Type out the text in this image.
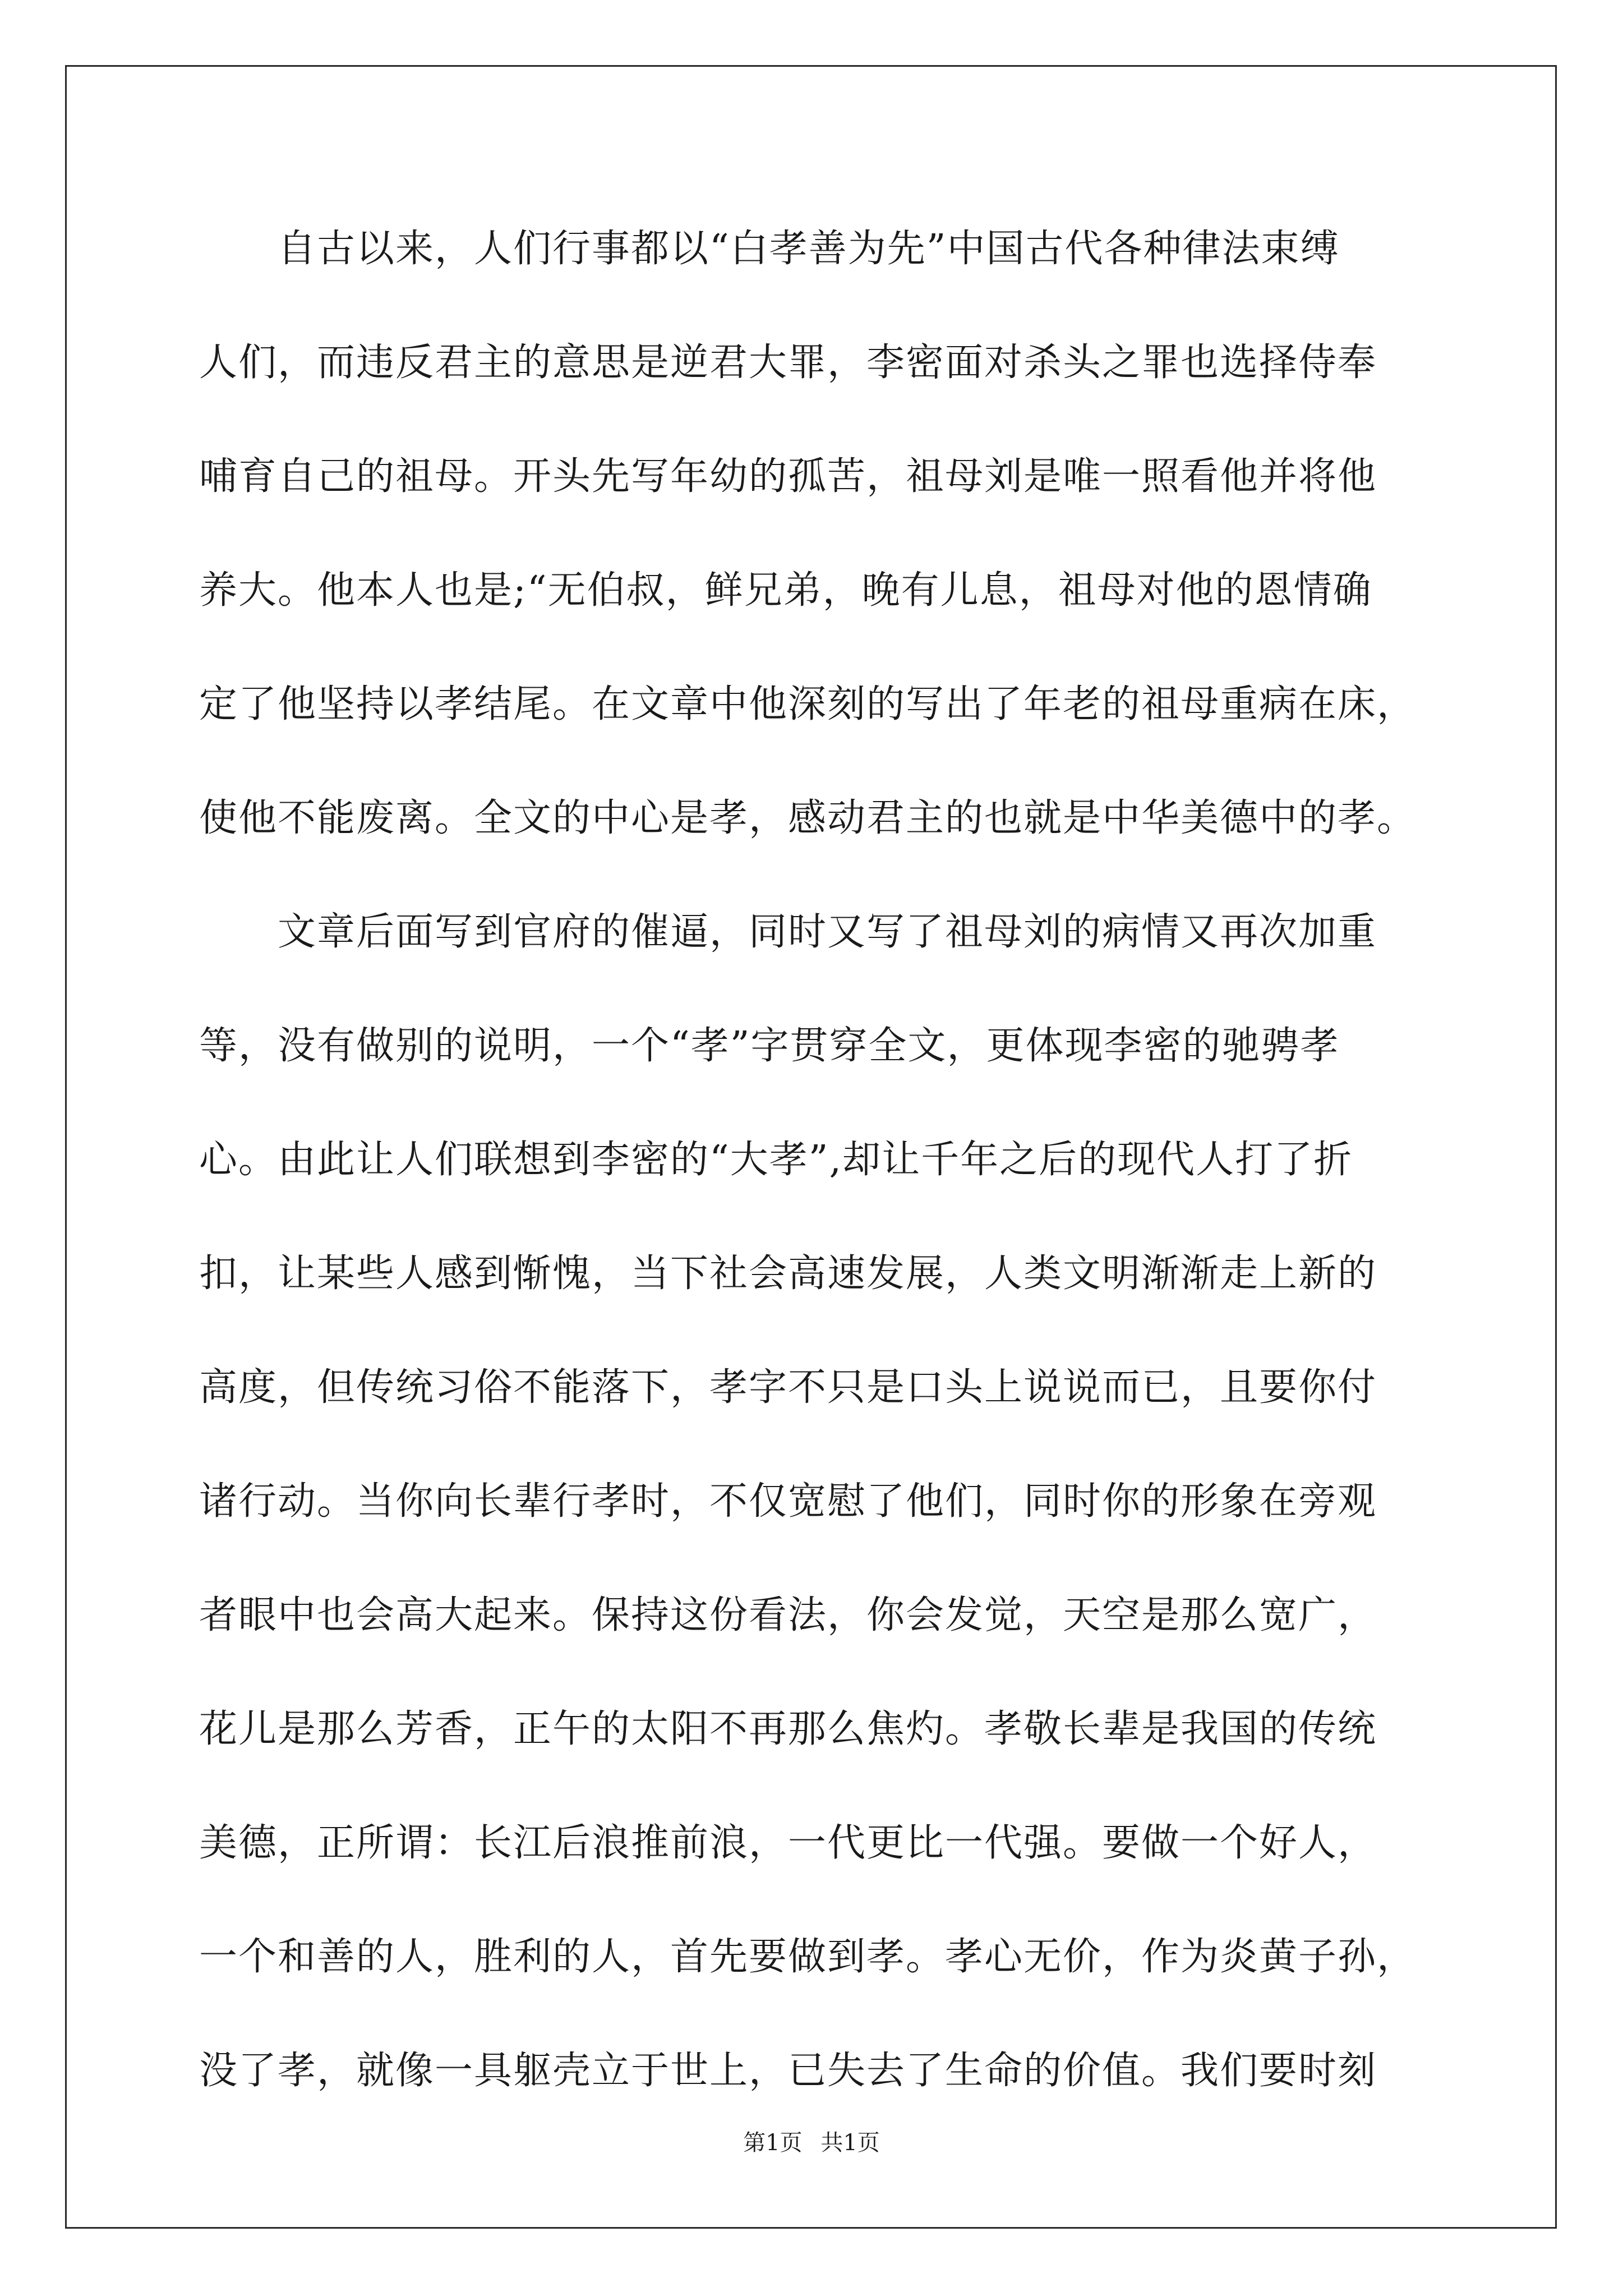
　　自古以来，人们行事都以“白孝善为先”中国古代各种律法束缚
人们，而违反君主的意思是逆君大罪，李密面对杀头之罪也选择侍奉
哺育自己的祖母。开头先写年幼的孤苦，祖母刘是唯一照看他并将他
养大。他本人也是;“无伯叔，鲜兄弟，晚有儿息，祖母对他的恩情确
定了他坚持以孝结尾。在文章中他深刻的写出了年老的祖母重病在床，
使他不能废离。全文的中心是孝，感动君主的也就是中华美德中的孝。
　　文章后面写到官府的催逼，同时又写了祖母刘的病情又再次加重
等，没有做别的说明，一个“孝”字贯穿全文，更体现李密的驰骋孝
心。由此让人们联想到李密的“大孝”,却让千年之后的现代人打了折
扣，让某些人感到惭愧，当下社会高速发展，人类文明渐渐走上新的
高度，但传统习俗不能落下，孝字不只是口头上说说而已，且要你付
诸行动。当你向长辈行孝时，不仅宽慰了他们，同时你的形象在旁观
者眼中也会高大起来。保持这份看法，你会发觉，天空是那么宽广，
花儿是那么芳香，正午的太阳不再那么焦灼。孝敬长辈是我国的传统
美德，正所谓：长江后浪推前浪，一代更比一代强。要做一个好人，
一个和善的人，胜利的人，首先要做到孝。孝心无价，作为炎黄子孙，
没了孝，就像一具躯壳立于世上，已失去了生命的价值。我们要时刻
第1页 共1页
